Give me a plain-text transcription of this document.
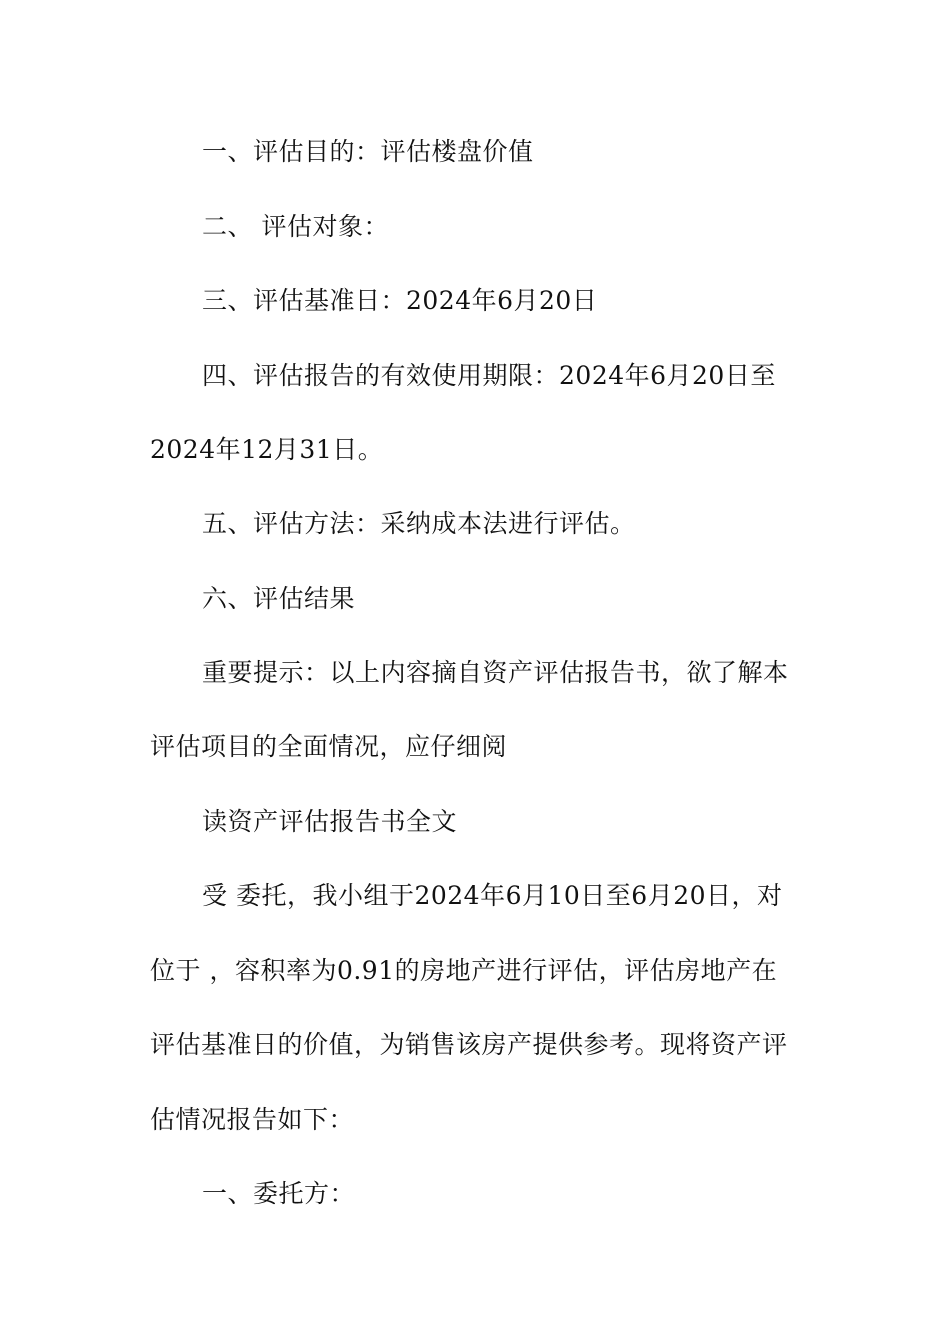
一、评估目的：评估楼盘价值
二、 评估对象：
三、评估基准日：2024年6月20日
四、评估报告的有效使用期限：2024年6月20日至
2024年12月31日。
五、评估方法：采纳成本法进行评估。
六、评估结果
重要提示：以上内容摘自资产评估报告书，欲了解本
评估项目的全面情况，应仔细阅
读资产评估报告书全文
受 委托，我小组于2024年6月10日至6月20日，对
位于 ，容积率为0.91的房地产进行评估，评估房地产在
评估基准日的价值，为销售该房产提供参考。现将资产评
估情况报告如下：
一、委托方：
